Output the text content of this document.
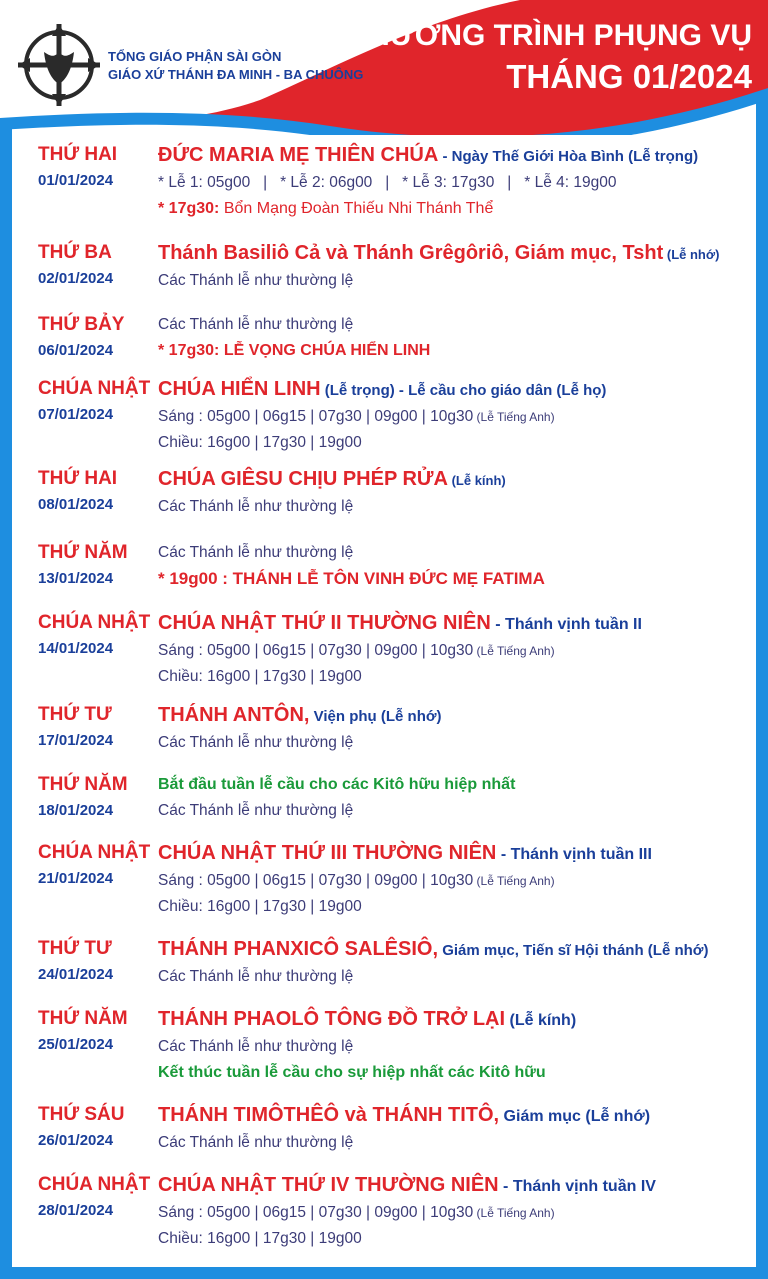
TỔNG GIÁO PHẬN SÀI GÒN
GIÁO XỨ THÁNH ĐA MINH - BA CHUÔNG
CHƯƠNG TRÌNH PHỤNG VỤ
THÁNG 01/2024
THỨ HAI
01/01/2024
ĐỨC MARIA MẸ THIÊN CHÚA - Ngày Thế Giới Hòa Bình (Lễ trọng)
* Lễ 1: 05g00   |   * Lễ 2: 06g00   |   * Lễ 3: 17g30   |   * Lễ 4: 19g00
* 17g30: Bổn Mạng Đoàn Thiếu Nhi Thánh Thể
THỨ BA
02/01/2024
Thánh Basiliô Cả và Thánh Grêgôriô, Giám mục, Tsht (Lễ nhớ)
Các Thánh lễ như thường lệ
THỨ BẢY
06/01/2024
Các Thánh lễ như thường lệ
* 17g30: LỄ VỌNG CHÚA HIỂN LINH
CHÚA NHẬT
07/01/2024
CHÚA HIỂN LINH (Lễ trọng) - Lễ cầu cho giáo dân (Lễ họ)
Sáng : 05g00 | 06g15 | 07g30 | 09g00 | 10g30 (Lễ Tiếng Anh)
Chiều: 16g00 | 17g30 | 19g00
THỨ HAI
08/01/2024
CHÚA GIÊSU CHỊU PHÉP RỬA (Lễ kính)
Các Thánh lễ như thường lệ
THỨ NĂM
13/01/2024
Các Thánh lễ như thường lệ
* 19g00 : THÁNH LỄ TÔN VINH ĐỨC MẸ FATIMA
CHÚA NHẬT
14/01/2024
CHÚA NHẬT THỨ II THƯỜNG NIÊN - Thánh vịnh tuần II
Sáng : 05g00 | 06g15 | 07g30 | 09g00 | 10g30 (Lễ Tiếng Anh)
Chiều: 16g00 | 17g30 | 19g00
THỨ TƯ
17/01/2024
THÁNH ANTÔN, Viện phụ (Lễ nhớ)
Các Thánh lễ như thường lệ
THỨ NĂM
18/01/2024
Bắt đầu tuần lễ cầu cho các Kitô hữu hiệp nhất
Các Thánh lễ như thường lệ
CHÚA NHẬT
21/01/2024
CHÚA NHẬT THỨ III THƯỜNG NIÊN - Thánh vịnh tuần III
Sáng : 05g00 | 06g15 | 07g30 | 09g00 | 10g30 (Lễ Tiếng Anh)
Chiều: 16g00 | 17g30 | 19g00
THỨ TƯ
24/01/2024
THÁNH PHANXICÔ SALÊSIÔ, Giám mục, Tiến sĩ Hội thánh (Lễ nhớ)
Các Thánh lễ như thường lệ
THỨ NĂM
25/01/2024
THÁNH PHAOLÔ TÔNG ĐỒ TRỞ LẠI (Lễ kính)
Các Thánh lễ như thường lệ
Kết thúc tuần lễ cầu cho sự hiệp nhất các Kitô hữu
THỨ SÁU
26/01/2024
THÁNH TIMÔTHÊÔ và THÁNH TITÔ, Giám mục (Lễ nhớ)
Các Thánh lễ như thường lệ
CHÚA NHẬT
28/01/2024
CHÚA NHẬT THỨ IV THƯỜNG NIÊN - Thánh vịnh tuần IV
Sáng : 05g00 | 06g15 | 07g30 | 09g00 | 10g30 (Lễ Tiếng Anh)
Chiều: 16g00 | 17g30 | 19g00
